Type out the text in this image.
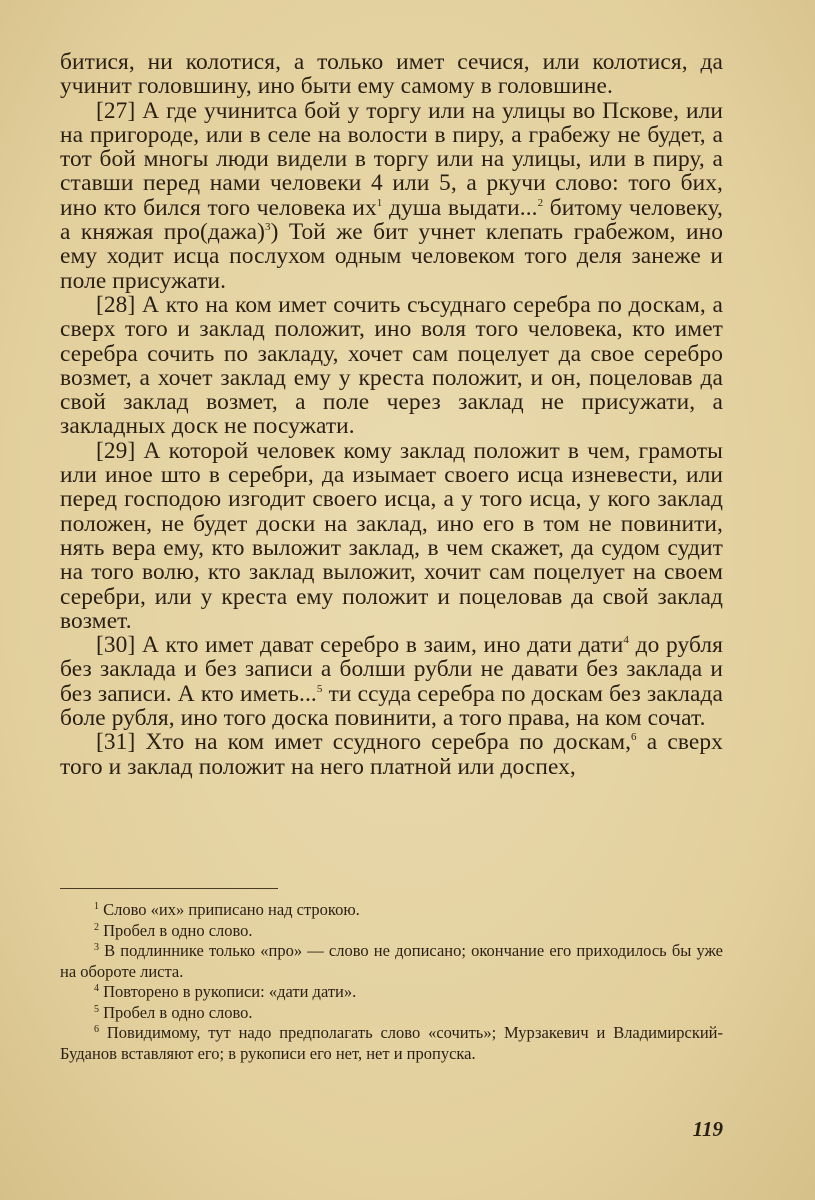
битися, ни колотися, а только имет сечися, или колотися, да учинит головшину, ино быти ему самому в головшине.

[27] А где учинитса бой у торгу или на улицы во Пскове, или на пригороде, или в селе на волости в пиру, а грабежу не будет, а тот бой многы люди видели в торгу или на улицы, или в пиру, а ставши перед нами человеки 4 или 5, а ркучи слово: того бих, ино кто бился того человека $их^1$ душа выдати...$^2$ битому человеку, а княжая про(дажа)$^3$) Той же бит учнет клепать грабежом, ино ему ходит исца послухом одным человеком того деля занеже и поле присужати.

[28] А кто на ком имет сочить съсуднаго серебра по доскам, а сверх того и заклад положит, ино воля того человека, кто имет серебра сочить по закладу, хочет сам поцелует да свое серебро возмет, а хочет заклад ему у креста положит, и он, поцеловав да свой заклад возмет, а поле через заклад не присужати, а закладных доск не посужати.

[29] А которой человек кому заклад положит в чем, грамоты или иное што в серебри, да изымает своего исца изневести, или перед господою изгодит своего исца, а у того исца, у кого заклад положен, не будет доски на заклад, ино его в том не повинити, нять вера ему, кто выложит заклад, в чем скажет, да судом судит на того волю, кто заклад выложит, хочит сам поцелует на своем серебри, или у креста ему положит и поцеловав да свой заклад возмет.

[30] А кто имет дават серебро в заим, ино дати дати$^4$ до рубля без заклада и без записи а болши рубли не давати без заклада и без записи. А кто иметь...$^5$ ти ссуда серебра по доскам без заклада боле рубля, ино того доска повинити, а того права, на ком сочат.

[31] Хто на ком имет ссудного серебра по доскам,$^6$ а сверх того и заклад положит на него платной или доспех,

$^1$ Слово «их» приписано над строкою.

$^2$ Пробел в одно слово.

$^3$ В подлиннике только «про» — слово не дописано; окончание его приходилось бы уже на обороте листа.

$^4$ Повторено в рукописи: «дати дати».

$^5$ Пробел в одно слово.

$^6$ Повидимому, тут надо предполагать слово «сочить»; Мурзакевич и Владимирский-Буданов вставляют его; в рукописи его нет, нет и пропуска.

119
